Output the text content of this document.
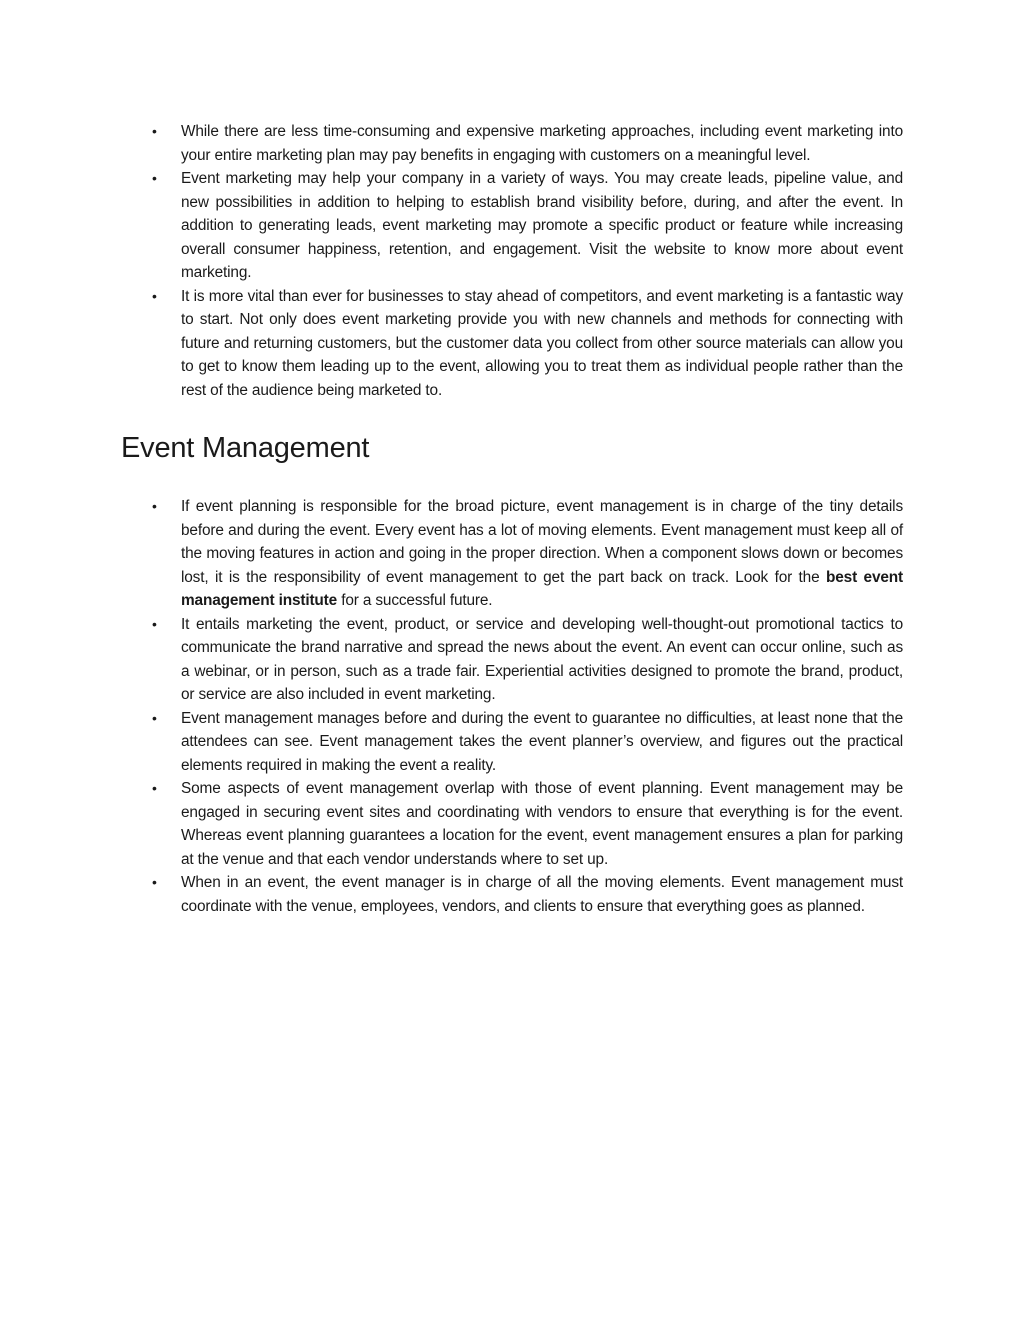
• While there are less time-consuming and expensive marketing approaches, including event marketing into your entire marketing plan may pay benefits in engaging with customers on a meaningful level.
• Event marketing may help your company in a variety of ways. You may create leads, pipeline value, and new possibilities in addition to helping to establish brand visibility before, during, and after the event. In addition to generating leads, event marketing may promote a specific product or feature while increasing overall consumer happiness, retention, and engagement. Visit the website to know more about event marketing.
• It is more vital than ever for businesses to stay ahead of competitors, and event marketing is a fantastic way to start. Not only does event marketing provide you with new channels and methods for connecting with future and returning customers, but the customer data you collect from other source materials can allow you to get to know them leading up to the event, allowing you to treat them as individual people rather than the rest of the audience being marketed to.
Event Management
• If event planning is responsible for the broad picture, event management is in charge of the tiny details before and during the event. Every event has a lot of moving elements. Event management must keep all of the moving features in action and going in the proper direction. When a component slows down or becomes lost, it is the responsibility of event management to get the part back on track. Look for the best event management institute for a successful future.
• It entails marketing the event, product, or service and developing well-thought-out promotional tactics to communicate the brand narrative and spread the news about the event. An event can occur online, such as a webinar, or in person, such as a trade fair. Experiential activities designed to promote the brand, product, or service are also included in event marketing.
• Event management manages before and during the event to guarantee no difficulties, at least none that the attendees can see. Event management takes the event planner’s overview, and figures out the practical elements required in making the event a reality.
• Some aspects of event management overlap with those of event planning. Event management may be engaged in securing event sites and coordinating with vendors to ensure that everything is for the event. Whereas event planning guarantees a location for the event, event management ensures a plan for parking at the venue and that each vendor understands where to set up.
• When in an event, the event manager is in charge of all the moving elements. Event management must coordinate with the venue, employees, vendors, and clients to ensure that everything goes as planned.
